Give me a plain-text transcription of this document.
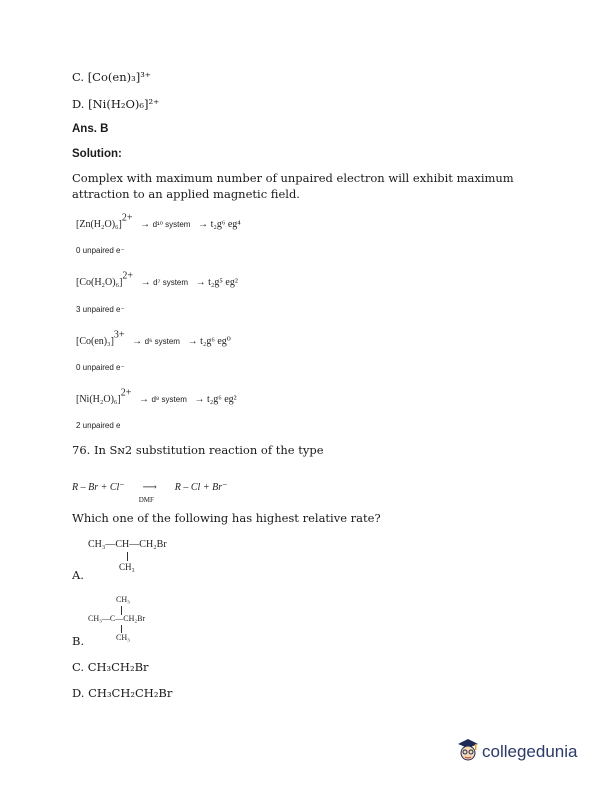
C. [Co(en)₃]³⁺
D. [Ni(H₂O)₆]²⁺
Ans. B
Solution:
Complex with maximum number of unpaired electron will exhibit maximum
attraction to an applied magnetic field.
$[Zn(H_2O)_6]^{2+} \to d^{10}$ system  → t₂g⁶ eg⁴
0 unpaired e⁻
$[Co(H_2O)_6]^{2+} \to d^7$ system  → t₂g⁵ eg²
3 unpaired e⁻
$[Co(en)_3]^{3+} \to d^6$ system  → t₂g⁶ eg⁰
0 unpaired e⁻
$[Ni(H_2O)_6]^{2+} \to d^8$ system  → t₂g⁶ eg²
2 unpaired e
76. In Sɴ2 substitution reaction of the type
R – Br + Cl⁻ ⟶
DMF
R – Cl + Br⁻
Which one of the following has highest relative rate?
CH₃—CH—CH₂Br
CH₃
A.
CH₃
CH₃—C—CH₂Br
CH₃
B.
C. CH₃CH₂Br
D. CH₃CH₂CH₂Br
collegedunia
